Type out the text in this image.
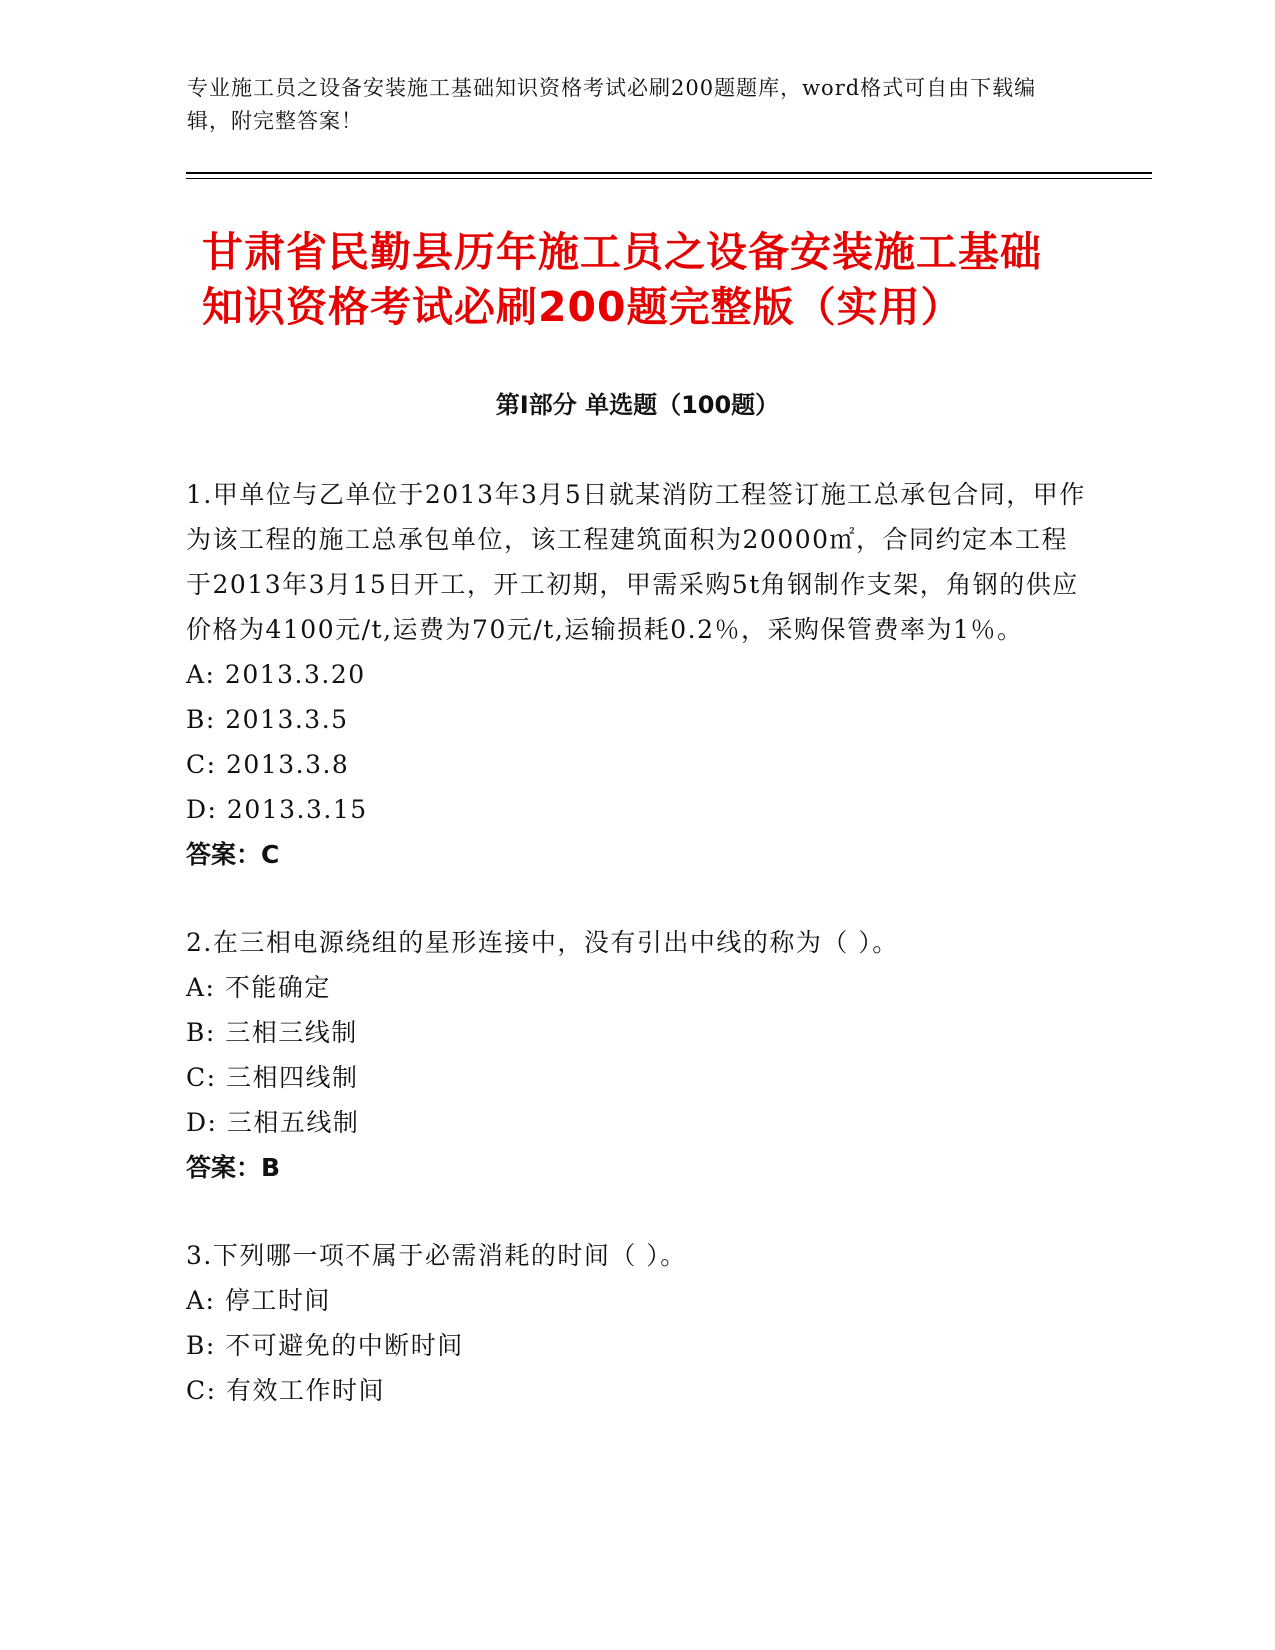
专业施工员之设备安装施工基础知识资格考试必刷200题题库，word格式可自由下载编辑，附完整答案！
甘肃省民勤县历年施工员之设备安装施工基础知识资格考试必刷200题完整版（实用）
第I部分 单选题（100题）

1.甲单位与乙单位于2013年3月5日就某消防工程签订施工总承包合同，甲作为该工程的施工总承包单位，该工程建筑面积为20000㎡，合同约定本工程于2013年3月15日开工，开工初期，甲需采购5t角钢制作支架，角钢的供应价格为4100元/t,运费为70元/t,运输损耗0.2％，采购保管费率为1％。

A: 2013.3.20

B: 2013.3.5

C: 2013.3.8

D: 2013.3.15

答案：C

2.在三相电源绕组的星形连接中，没有引出中线的称为（ ）。

A: 不能确定

B: 三相三线制

C: 三相四线制

D: 三相五线制

答案：B

3.下列哪一项不属于必需消耗的时间（ ）。

A: 停工时间

B: 不可避免的中断时间

C: 有效工作时间
